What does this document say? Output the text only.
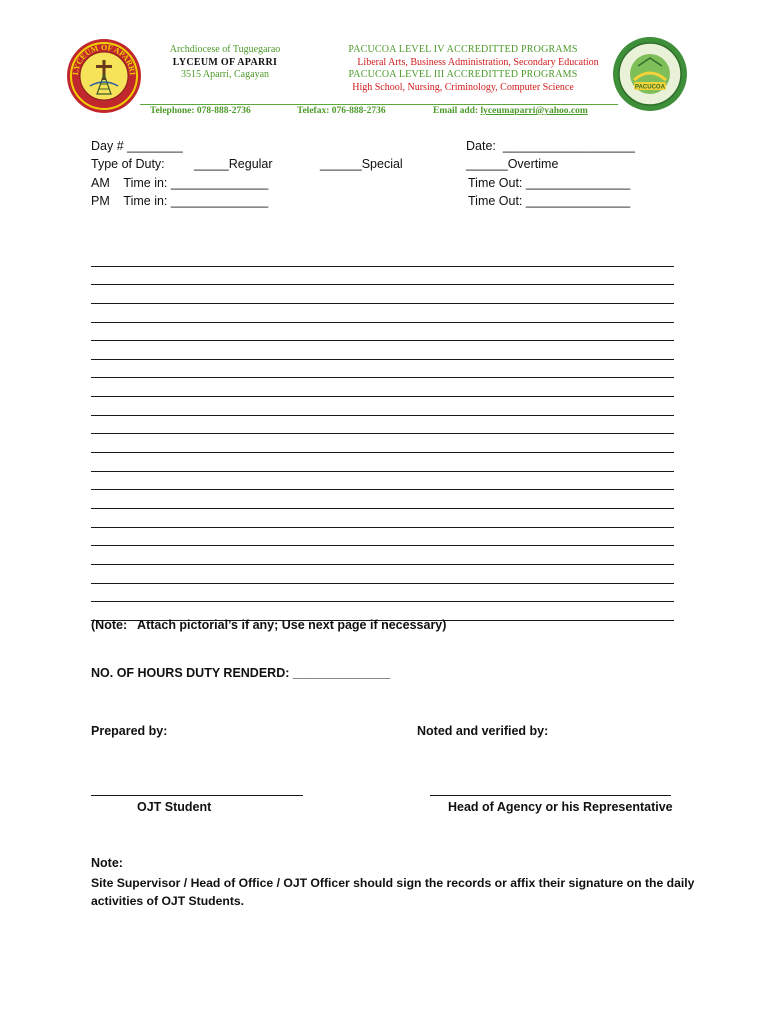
LYCEUM OF APARRI
Archdiocese of Tuguegarao
LYCEUM OF APARRI
3515 Aparri, Cagayan
PACUCOA LEVEL IV ACCREDITTED PROGRAMS
Liberal Arts, Business Administration, Secondary Education
PACUCOA LEVEL III ACCREDITTED PROGRAMS
High School, Nursing, Criminology, Computer Science	PACUCOA
Telephone: 078-888-2736	Telefax: 076-888-2736	Email add: lyceumaparri@yahoo.com
Day # ________	Date:  ___________________
Type of Duty: _____Regular	______Special	______Overtime
AM    Time in: ______________	Time Out: _______________
PM    Time in: ______________	Time Out: _______________
(Note:   Attach pictorial’s if any; Use next page if necessary)
NO. OF HOURS DUTY RENDERD: ______________
Prepared by:	Noted and verified by:
OJT Student	Head of Agency or his Representative
Note:
Site Supervisor / Head of Office / OJT Officer should sign the records or affix their signature on the daily
activities of OJT Students.
